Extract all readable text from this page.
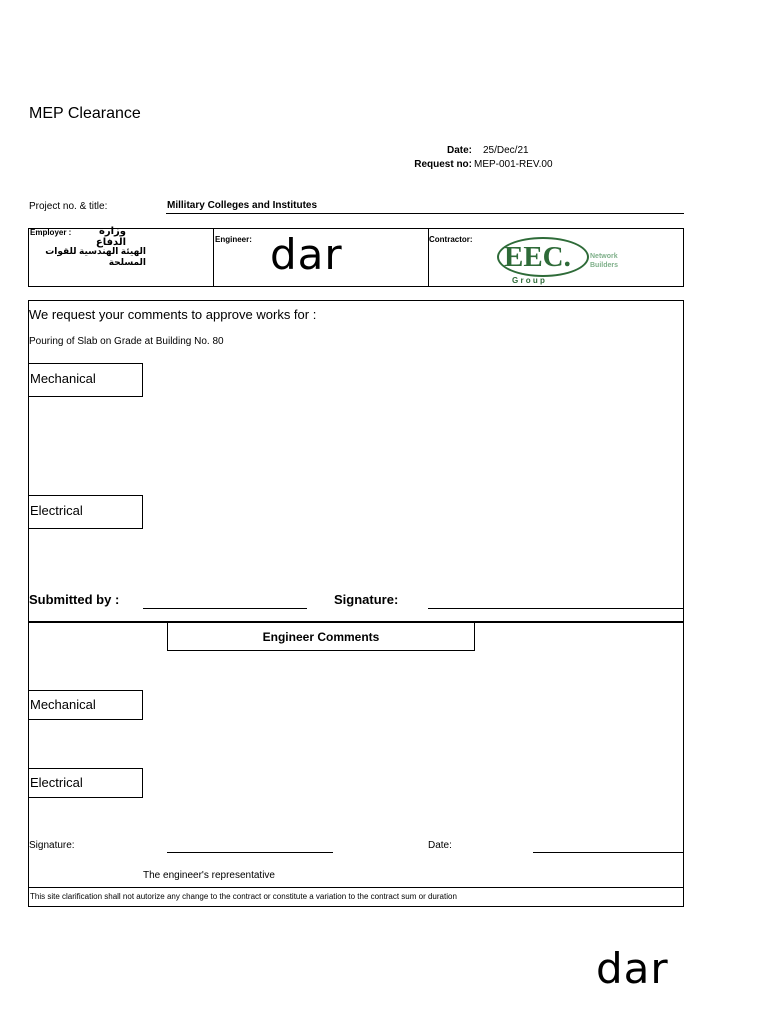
MEP Clearance
Date: 25/Dec/21
Request no: MEP-001-REV.00
Project no. & title:	Millitary Colleges and Institutes
Employer :	وزارة الدفاع
الهيئة الهندسية للقوات المسلحة
Engineer: dar	Contractor:
EEC.
G r o u p
Network
Builders
We request your comments to approve works for :
Pouring of Slab on Grade at Building No. 80
Mechanical
Electrical
Submitted by :	Signature:
Engineer Comments
Mechanical
Electrical
Signature:	Date:
The engineer's representative
This site clarification shall not autorize any change to the contract or constitute a variation to the contract sum or duration
dar
